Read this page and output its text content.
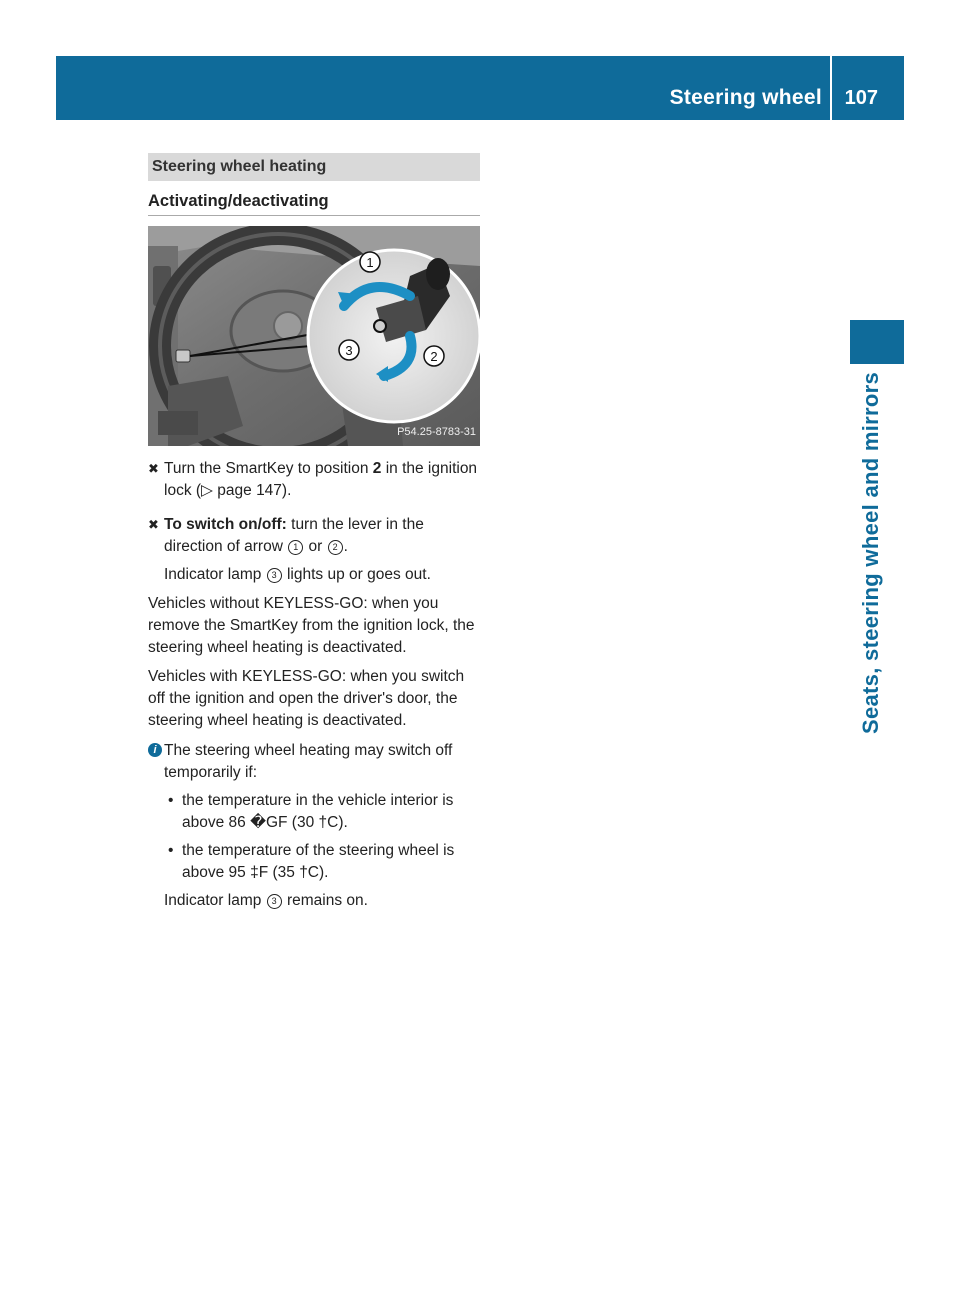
Steering wheel 107
Seats, steering wheel and mirrors
Steering wheel heating
Activating/deactivating
1
2
3
P54.25-8783-31
✖ Turn the SmartKey to position 2 in the ignition lock (▷ page 147).
✖ To switch on/off: turn the lever in the direction of arrow 1 or 2 .

Indicator lamp 3 lights up or goes out.

Vehicles without KEYLESS-GO: when you remove the SmartKey from the ignition lock, the steering wheel heating is deactivated.

Vehicles with KEYLESS-GO: when you switch off the ignition and open the driver's door, the steering wheel heating is deactivated.

i The steering wheel heating may switch off temporarily if:
• the temperature in the vehicle interior is above 86 �GF (30 †C).
• the temperature of the steering wheel is above 95 ‡F (35 †C).

Indicator lamp 3 remains on.
